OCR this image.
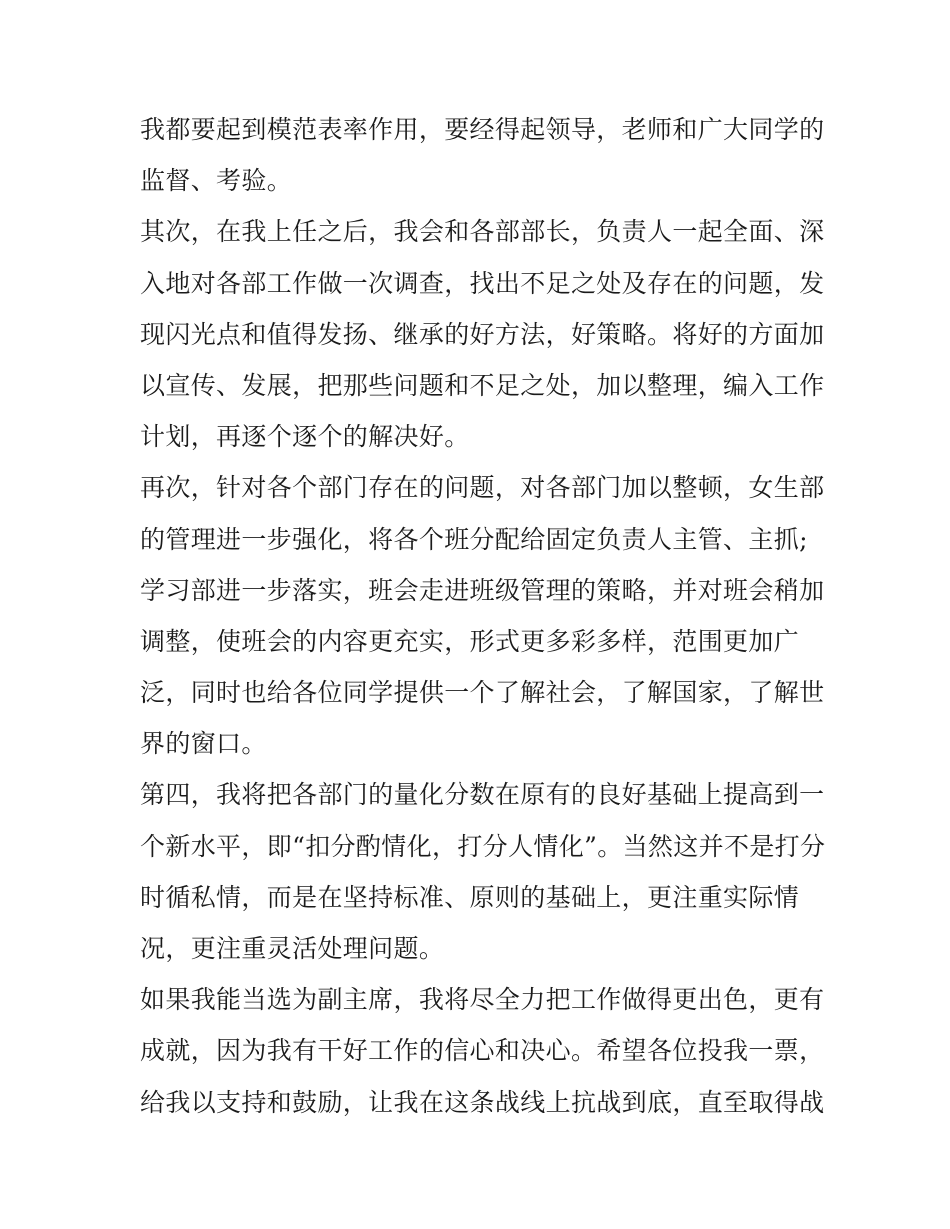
我都要起到模范表率作用，要经得起领导，老师和广大同学的
监督、考验。
其次，在我上任之后，我会和各部部长，负责人一起全面、深
入地对各部工作做一次调查，找出不足之处及存在的问题，发
现闪光点和值得发扬、继承的好方法，好策略。将好的方面加
以宣传、发展，把那些问题和不足之处，加以整理，编入工作
计划，再逐个逐个的解决好。
再次，针对各个部门存在的问题，对各部门加以整顿，女生部
的管理进一步强化，将各个班分配给固定负责人主管、主抓;
学习部进一步落实，班会走进班级管理的策略，并对班会稍加
调整，使班会的内容更充实，形式更多彩多样，范围更加广
泛，同时也给各位同学提供一个了解社会，了解国家，了解世
界的窗口。
第四，我将把各部门的量化分数在原有的良好基础上提高到一
个新水平，即“扣分酌情化，打分人情化”。当然这并不是打分
时循私情，而是在坚持标准、原则的基础上，更注重实际情
况，更注重灵活处理问题。
如果我能当选为副主席，我将尽全力把工作做得更出色，更有
成就，因为我有干好工作的信心和决心。希望各位投我一票，
给我以支持和鼓励，让我在这条战线上抗战到底，直至取得战
